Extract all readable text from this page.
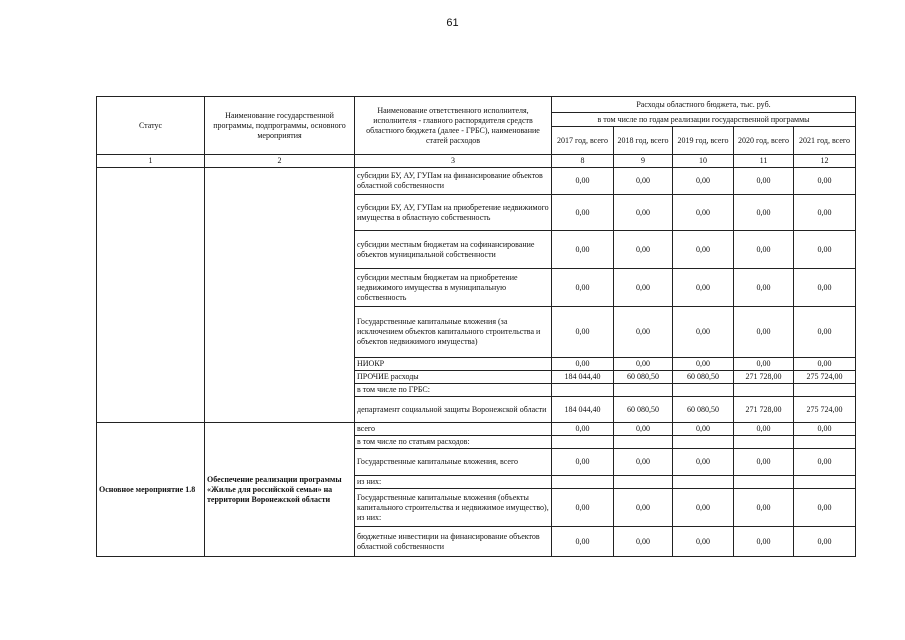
61
Статус	Наименование государственной программы, подпрограммы, основного мероприятия	Наименование ответственного исполнителя, исполнителя - главного распорядителя средств областного бюджета (далее - ГРБС), наименование статей расходов	Расходы областного бюджета, тыс. руб.				
			в том числе по годам реализации государственной программы				
			2017 год, всего	2018 год, всего	2019 год, всего	2020 год, всего	2021 год, всего
1	2	3	8	9	10	11	12
		субсидии БУ, АУ, ГУПам на финансирование объектов областной собственности	0,00	0,00	0,00	0,00	0,00
		субсидии БУ, АУ, ГУПам на приобретение недвижимого имущества в областную собственность	0,00	0,00	0,00	0,00	0,00
		субсидии местным бюджетам на софинансирование объектов муниципальной собственности	0,00	0,00	0,00	0,00	0,00
		субсидии местным бюджетам на приобретение недвижимого имущества в муниципальную собственность	0,00	0,00	0,00	0,00	0,00
		Государственные капитальные вложения (за исключением объектов капитального строительства и объектов недвижимого имущества)	0,00	0,00	0,00	0,00	0,00
		НИОКР	0,00	0,00	0,00	0,00	0,00
		ПРОЧИЕ расходы	184 044,40	60 080,50	60 080,50	271 728,00	275 724,00
		в том числе по ГРБС:					
		департамент социальной защиты Воронежской области	184 044,40	60 080,50	60 080,50	271 728,00	275 724,00
Основное мероприятие 1.8	Обеспечение реализации программы «Жилье для российской семьи» на территории Воронежской области	всего	0,00	0,00	0,00	0,00	0,00
		в том числе по статьям расходов:					
		Государственные капитальные вложения, всего	0,00	0,00	0,00	0,00	0,00
		из них:					
		Государственные капитальные вложения (объекты капитального строительства и недвижимое имущество), из них:	0,00	0,00	0,00	0,00	0,00
		бюджетные инвестиции на финансирование объектов областной собственности	0,00	0,00	0,00	0,00	0,00
